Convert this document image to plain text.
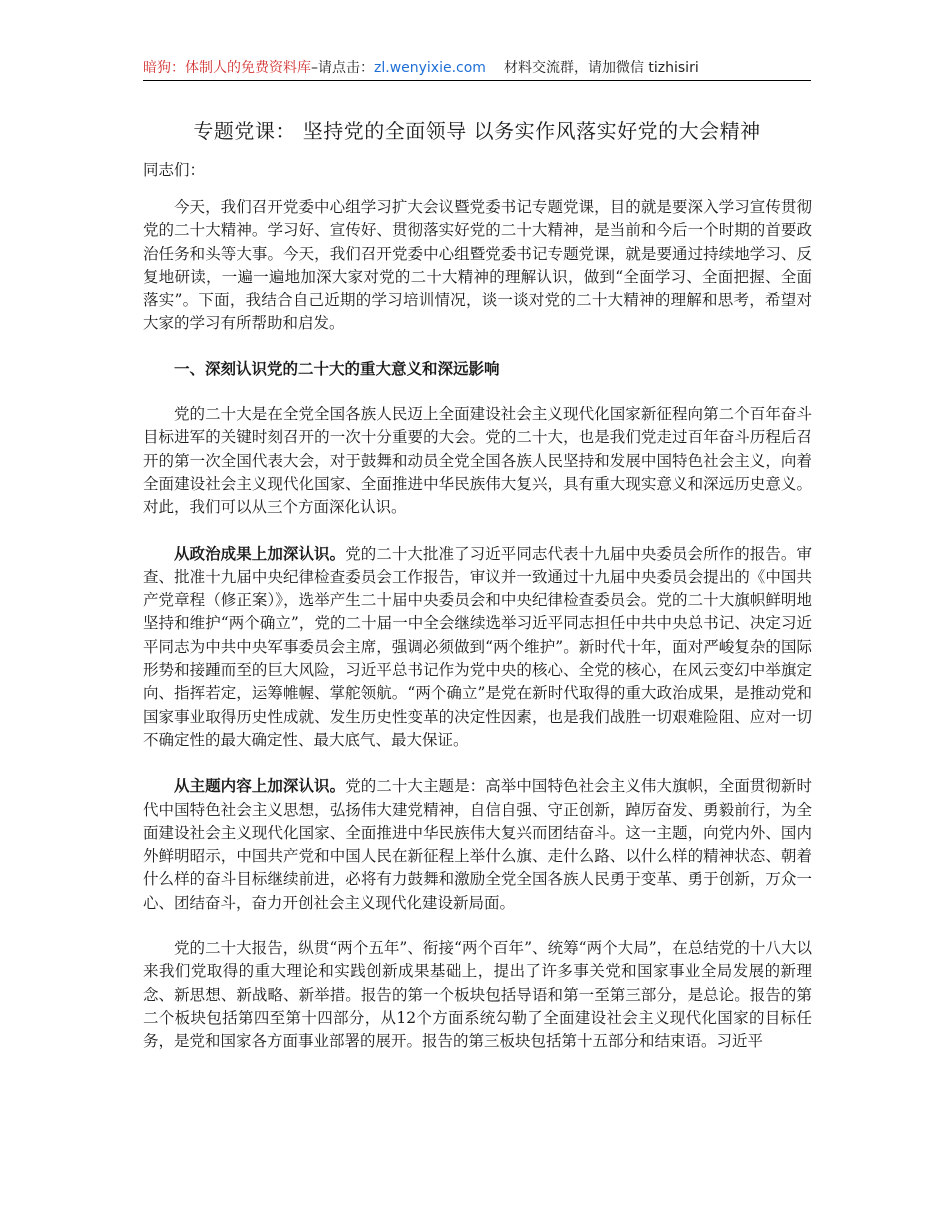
暗狗：体制人的免费资料库–请点击：zl.wenyixie.com 材料交流群，请加微信 tizhisiri
专题党课： 坚持党的全面领导 以务实作风落实好党的大会精神
同志们：

今天，我们召开党委中心组学习扩大会议暨党委书记专题党课，目的就是要深入学习宣传贯彻党的二十大精神。学习好、宣传好、贯彻落实好党的二十大精神，是当前和今后一个时期的首要政治任务和头等大事。今天，我们召开党委中心组暨党委书记专题党课，就是要通过持续地学习、反复地研读，一遍一遍地加深大家对党的二十大精神的理解认识，做到“全面学习、全面把握、全面落实”。下面，我结合自己近期的学习培训情况，谈一谈对党的二十大精神的理解和思考，希望对大家的学习有所帮助和启发。

一、深刻认识党的二十大的重大意义和深远影响

党的二十大是在全党全国各族人民迈上全面建设社会主义现代化国家新征程向第二个百年奋斗目标进军的关键时刻召开的一次十分重要的大会。党的二十大，也是我们党走过百年奋斗历程后召开的第一次全国代表大会，对于鼓舞和动员全党全国各族人民坚持和发展中国特色社会主义，向着全面建设社会主义现代化国家、全面推进中华民族伟大复兴，具有重大现实意义和深远历史意义。对此，我们可以从三个方面深化认识。

从政治成果上加深认识。党的二十大批准了习近平同志代表十九届中央委员会所作的报告。审查、批准十九届中央纪律检查委员会工作报告，审议并一致通过十九届中央委员会提出的《中国共产党章程（修正案）》，选举产生二十届中央委员会和中央纪律检查委员会。党的二十大旗帜鲜明地坚持和维护“两个确立”，党的二十届一中全会继续选举习近平同志担任中共中央总书记、决定习近平同志为中共中央军事委员会主席，强调必须做到“两个维护”。新时代十年，面对严峻复杂的国际形势和接踵而至的巨大风险，习近平总书记作为党中央的核心、全党的核心，在风云变幻中举旗定向、指挥若定，运筹帷幄、掌舵领航。“两个确立”是党在新时代取得的重大政治成果，是推动党和国家事业取得历史性成就、发生历史性变革的决定性因素，也是我们战胜一切艰难险阻、应对一切不确定性的最大确定性、最大底气、最大保证。

从主题内容上加深认识。党的二十大主题是：高举中国特色社会主义伟大旗帜，全面贯彻新时代中国特色社会主义思想，弘扬伟大建党精神，自信自强、守正创新，踔厉奋发、勇毅前行，为全面建设社会主义现代化国家、全面推进中华民族伟大复兴而团结奋斗。这一主题，向党内外、国内外鲜明昭示，中国共产党和中国人民在新征程上举什么旗、走什么路、以什么样的精神状态、朝着什么样的奋斗目标继续前进，必将有力鼓舞和激励全党全国各族人民勇于变革、勇于创新，万众一心、团结奋斗，奋力开创社会主义现代化建设新局面。

党的二十大报告，纵贯“两个五年”、衔接“两个百年”、统筹“两个大局”，在总结党的十八大以来我们党取得的重大理论和实践创新成果基础上，提出了许多事关党和国家事业全局发展的新理念、新思想、新战略、新举措。报告的第一个板块包括导语和第一至第三部分，是总论。报告的第二个板块包括第四至第十四部分，从12个方面系统勾勒了全面建设社会主义现代化国家的目标任务，是党和国家各方面事业部署的展开。报告的第三板块包括第十五部分和结束语。习近平
